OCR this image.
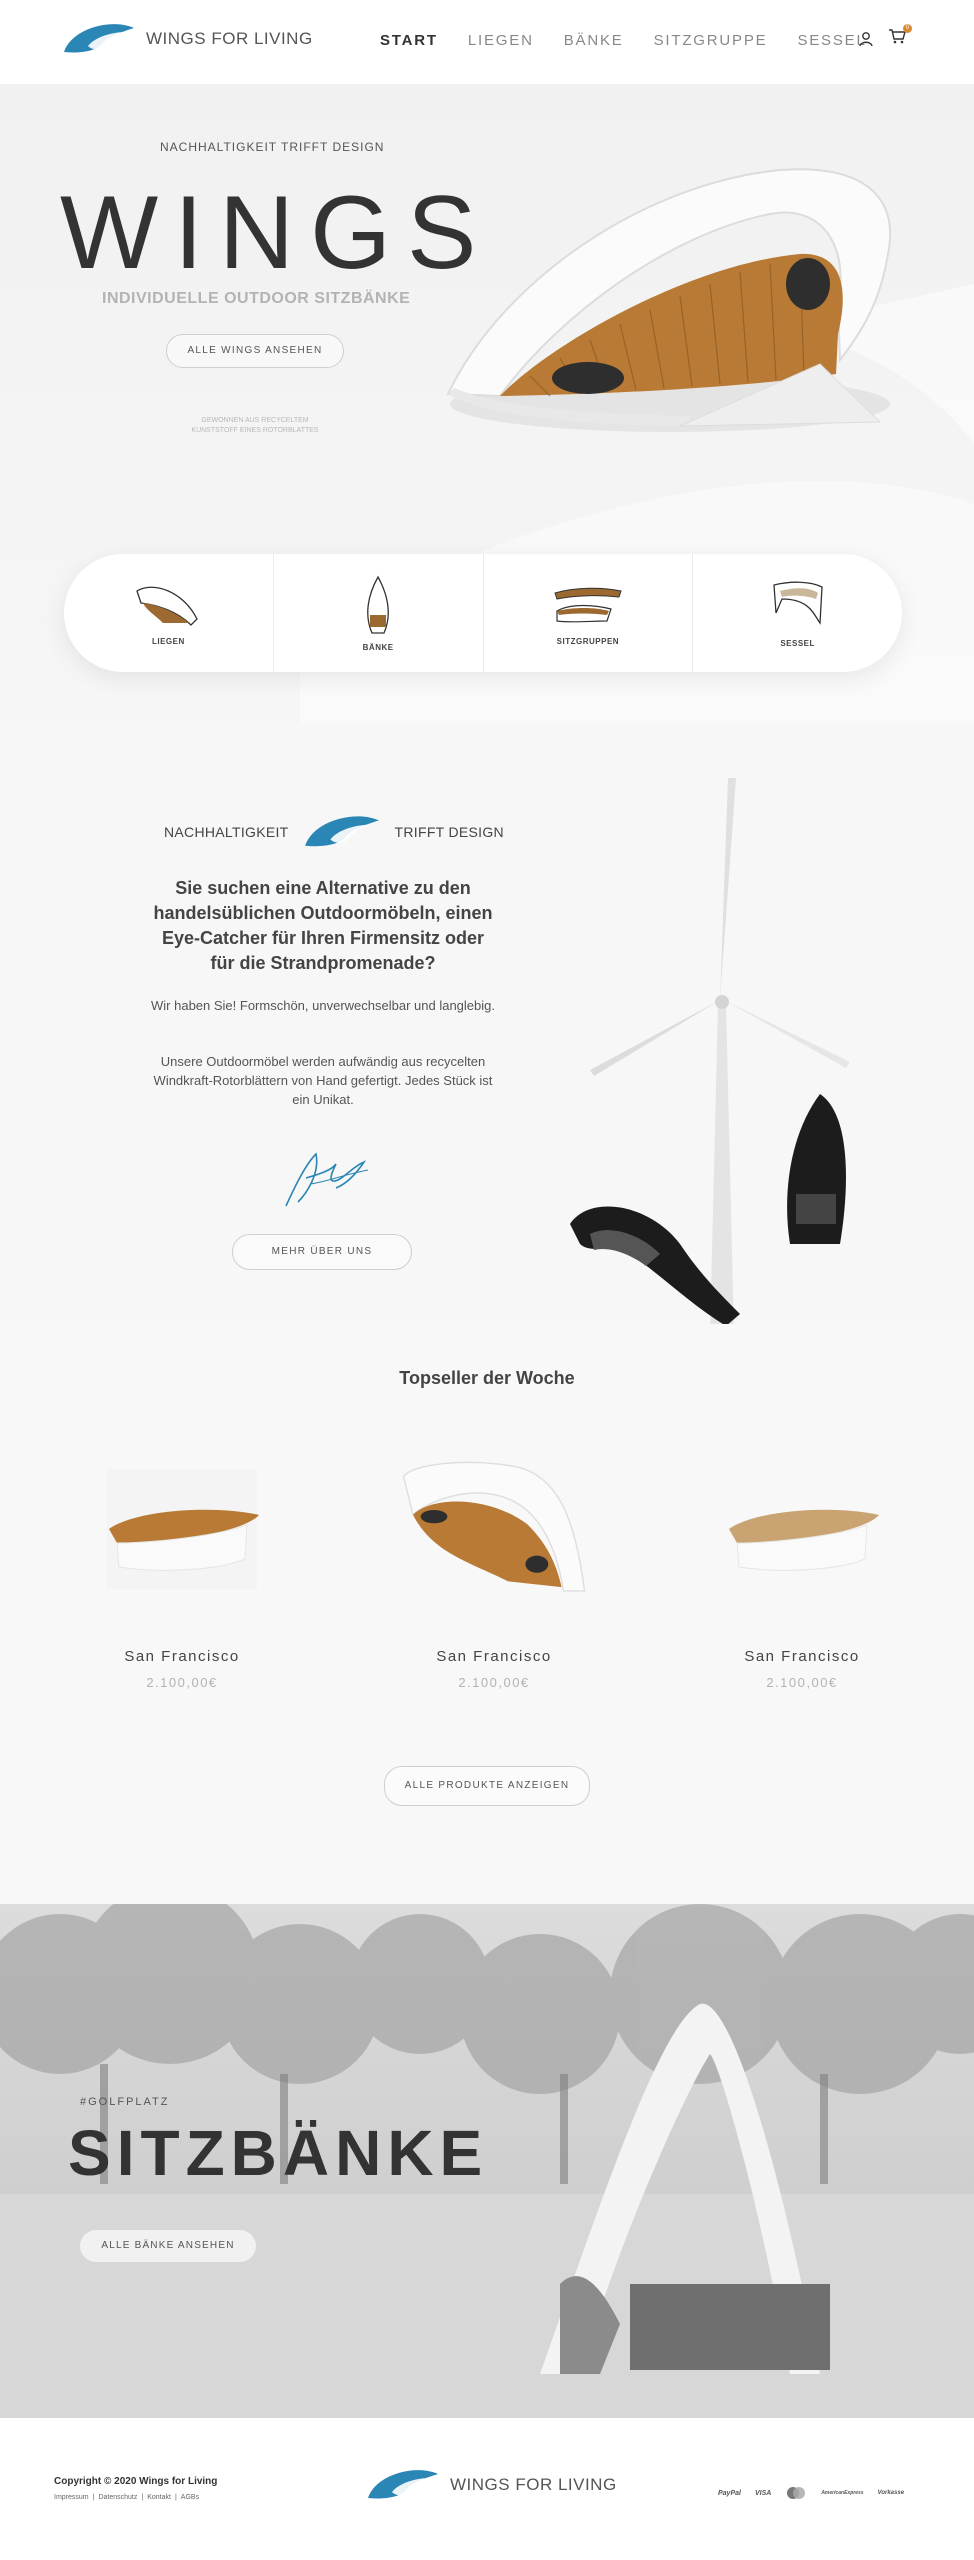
WINGS FOR LIVING	START LIEGEN BÄNKE SITZGRUPPE SESSEL
0
NACHHALTIGKEIT TRIFFT DESIGN
WINGS
INDIVIDUELLE OUTDOOR SITZBÄNKE
ALLE WINGS ANSEHEN
GEWONNEN AUS RECYCELTEM
KUNSTSTOFF EINES ROTORBLATTES
LIEGEN
BÄNKE
SITZGRUPPEN	SESSEL
NACHHALTIGKEIT	TRIFFT DESIGN

Sie suchen eine Alternative zu den handelsüblichen Outdoormöbeln, einen Eye-Catcher für Ihren Firmensitz oder für die Strandpromenade?

Wir haben Sie! Formschön, unverwechselbar und langlebig.

Unsere Outdoormöbel werden aufwändig aus recycelten Windkraft-Rotorblättern von Hand gefertigt. Jedes Stück ist ein Unikat.

MEHR ÜBER UNS
Topseller der Woche
San Francisco
2.100,00€
San Francisco
2.100,00€
San Francisco
2.100,00€
ALLE PRODUKTE ANZEIGEN
#GOLFPLATZ
SITZBÄNKE
ALLE BÄNKE ANSEHEN
Copyright © 2020 Wings for Living
Impressum | Datenschutz | Kontakt | AGBs
WINGS FOR LIVING	PayPal VISA	AmericanExpress Vorkasse
